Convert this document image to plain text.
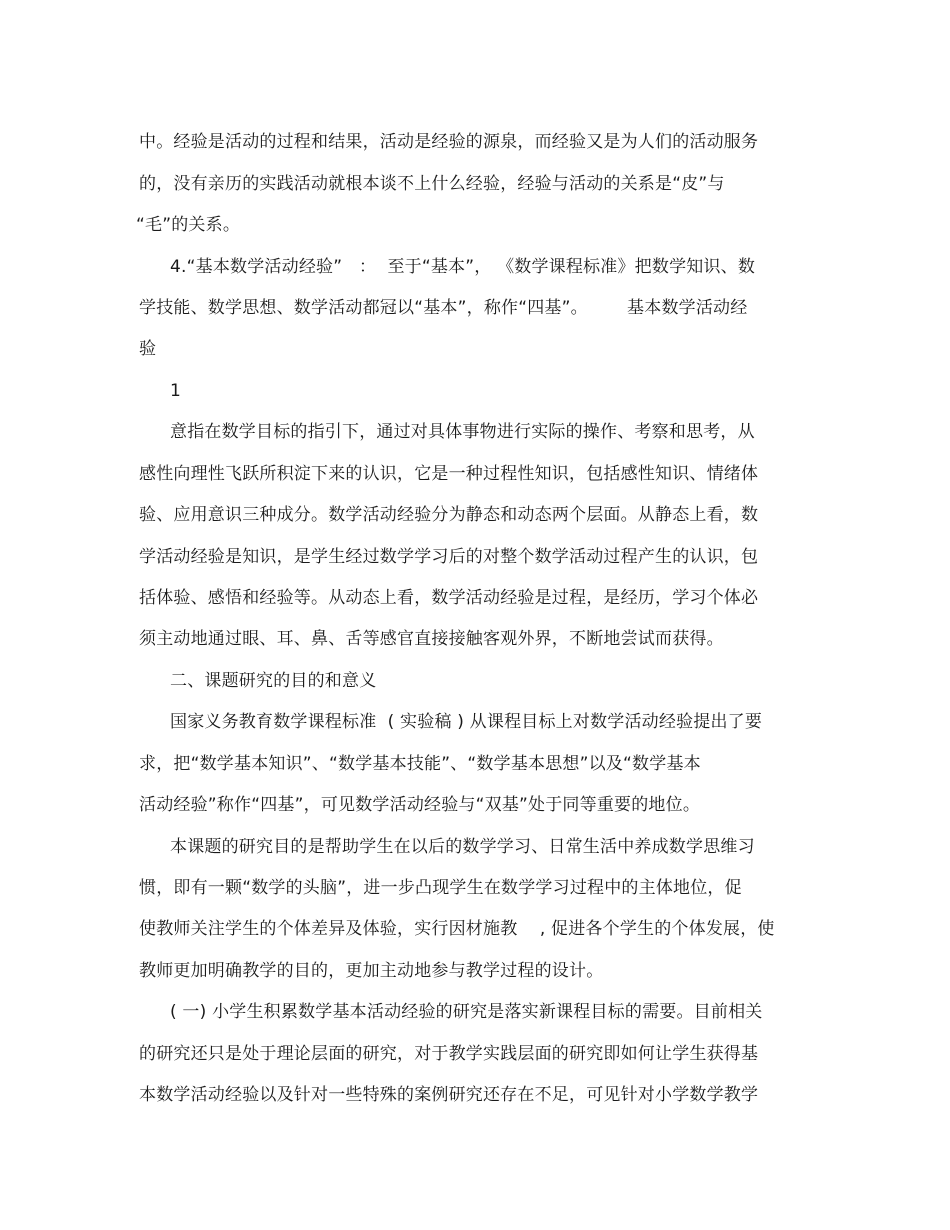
中。经验是活动的过程和结果，活动是经验的源泉，而经验又是为人们的活动服务
的，没有亲历的实践活动就根本谈不上什么经验，经验与活动的关系是“皮”与
“毛”的关系。
4.“基本数学活动经验”   ：  至于“基本”， 《数学课程标准》把数学知识、数
学技能、数学思想、数学活动都冠以“基本”，称作“四基”。       基本数学活动经
验
1
意指在数学目标的指引下，通过对具体事物进行实际的操作、考察和思考，从
感性向理性飞跃所积淀下来的认识，它是一种过程性知识，包括感性知识、情绪体
验、应用意识三种成分。数学活动经验分为静态和动态两个层面。从静态上看，数
学活动经验是知识，是学生经过数学学习后的对整个数学活动过程产生的认识，包
括体验、感悟和经验等。从动态上看，数学活动经验是过程，是经历，学习个体必
须主动地通过眼、耳、鼻、舌等感官直接接触客观外界，不断地尝试而获得。
二、课题研究的目的和意义
国家义务教育数学课程标准  ( 实验稿 ) 从课程目标上对数学活动经验提出了要
求，把“数学基本知识”、“数学基本技能”、“数学基本思想”以及“数学基本
活动经验”称作“四基”，可见数学活动经验与“双基”处于同等重要的地位。
本课题的研究目的是帮助学生在以后的数学学习、日常生活中养成数学思维习
惯，即有一颗“数学的头脑”，进一步凸现学生在数学学习过程中的主体地位，促
使教师关注学生的个体差异及体验，实行因材施教    , 促进各个学生的个体发展，使
教师更加明确教学的目的，更加主动地参与教学过程的设计。
( 一) 小学生积累数学基本活动经验的研究是落实新课程目标的需要。目前相关
的研究还只是处于理论层面的研究，对于教学实践层面的研究即如何让学生获得基
本数学活动经验以及针对一些特殊的案例研究还存在不足，可见针对小学数学教学
